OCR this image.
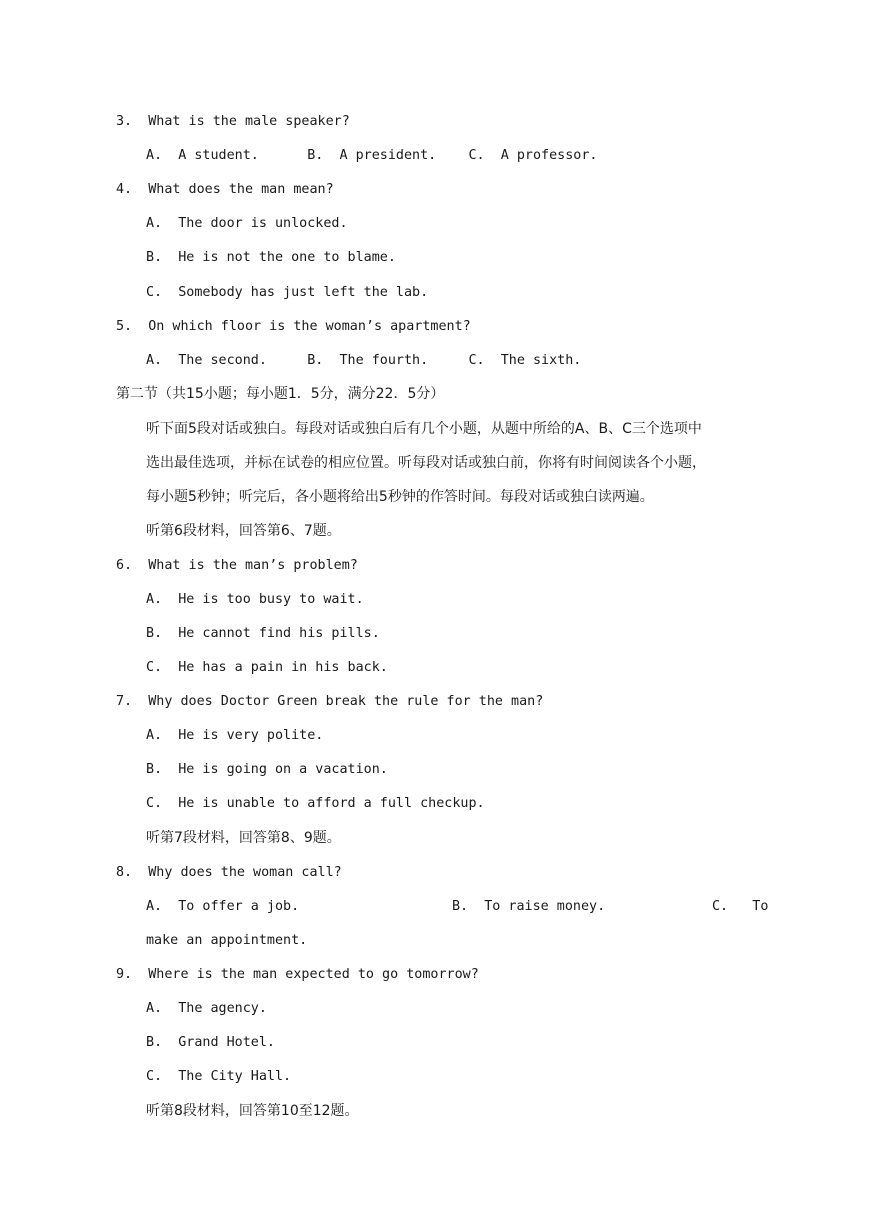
3.  What is the male speaker?
A.  A student.      B.  A president.    C.  A professor.
4.  What does the man mean?
A.  The door is unlocked.
B.  He is not the one to blame.
C.  Somebody has just left the lab.
5.  On which floor is the woman’s apartment?
A.  The second.     B.  The fourth.     C.  The sixth.
第二节（共15小题；每小题1．5分，满分22．5分）
听下面5段对话或独白。每段对话或独白后有几个小题，从题中所给的A、B、C三个选项中
选出最佳选项，并标在试卷的相应位置。听每段对话或独白前，你将有时间阅读各个小题，
每小题5秒钟；听完后，各小题将给出5秒钟的作答时间。每段对话或独白读两遍。
听第6段材料，回答第6、7题。
6.  What is the man’s problem?
A.  He is too busy to wait.
B.  He cannot find his pills.
C.  He has a pain in his back.
7.  Why does Doctor Green break the rule for the man?
A.  He is very polite.
B.  He is going on a vacation.
C.  He is unable to afford a full checkup.
听第7段材料，回答第8、9题。
8.  Why does the woman call?
A.  To offer a job.	B.  To raise money.	C.   To
make an appointment.
9.  Where is the man expected to go tomorrow?
A.  The agency.
B.  Grand Hotel.
C.  The City Hall.
听第8段材料，回答第10至12题。
